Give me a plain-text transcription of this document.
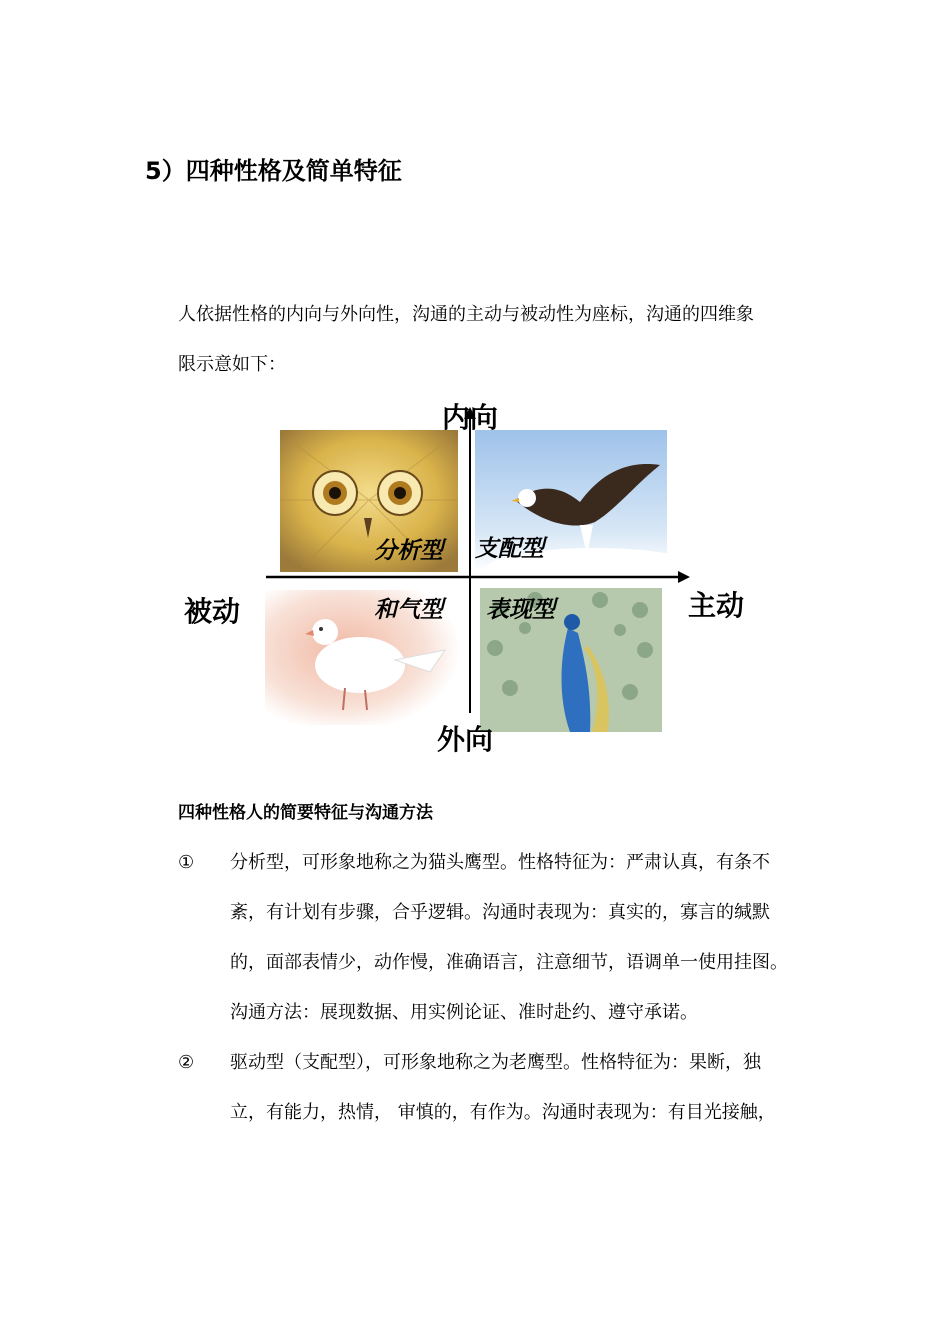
5）四种性格及简单特征
人依据性格的内向与外向性，沟通的主动与被动性为座标，沟通的四维象
限示意如下：
内向
外向
被动	主动
分析型 支配型
和气型 表现型
四种性格人的简要特征与沟通方法
① 分析型，可形象地称之为猫头鹰型。性格特征为：严肃认真，有条不
紊，有计划有步骤，合乎逻辑。沟通时表现为：真实的，寡言的缄默
的，面部表情少，动作慢，准确语言，注意细节，语调单一使用挂图。
沟通方法：展现数据、用实例论证、准时赴约、遵守承诺。
② 驱动型（支配型），可形象地称之为老鹰型。性格特征为：果断，独
立，有能力，热情， 审慎的，有作为。沟通时表现为：有目光接触，
